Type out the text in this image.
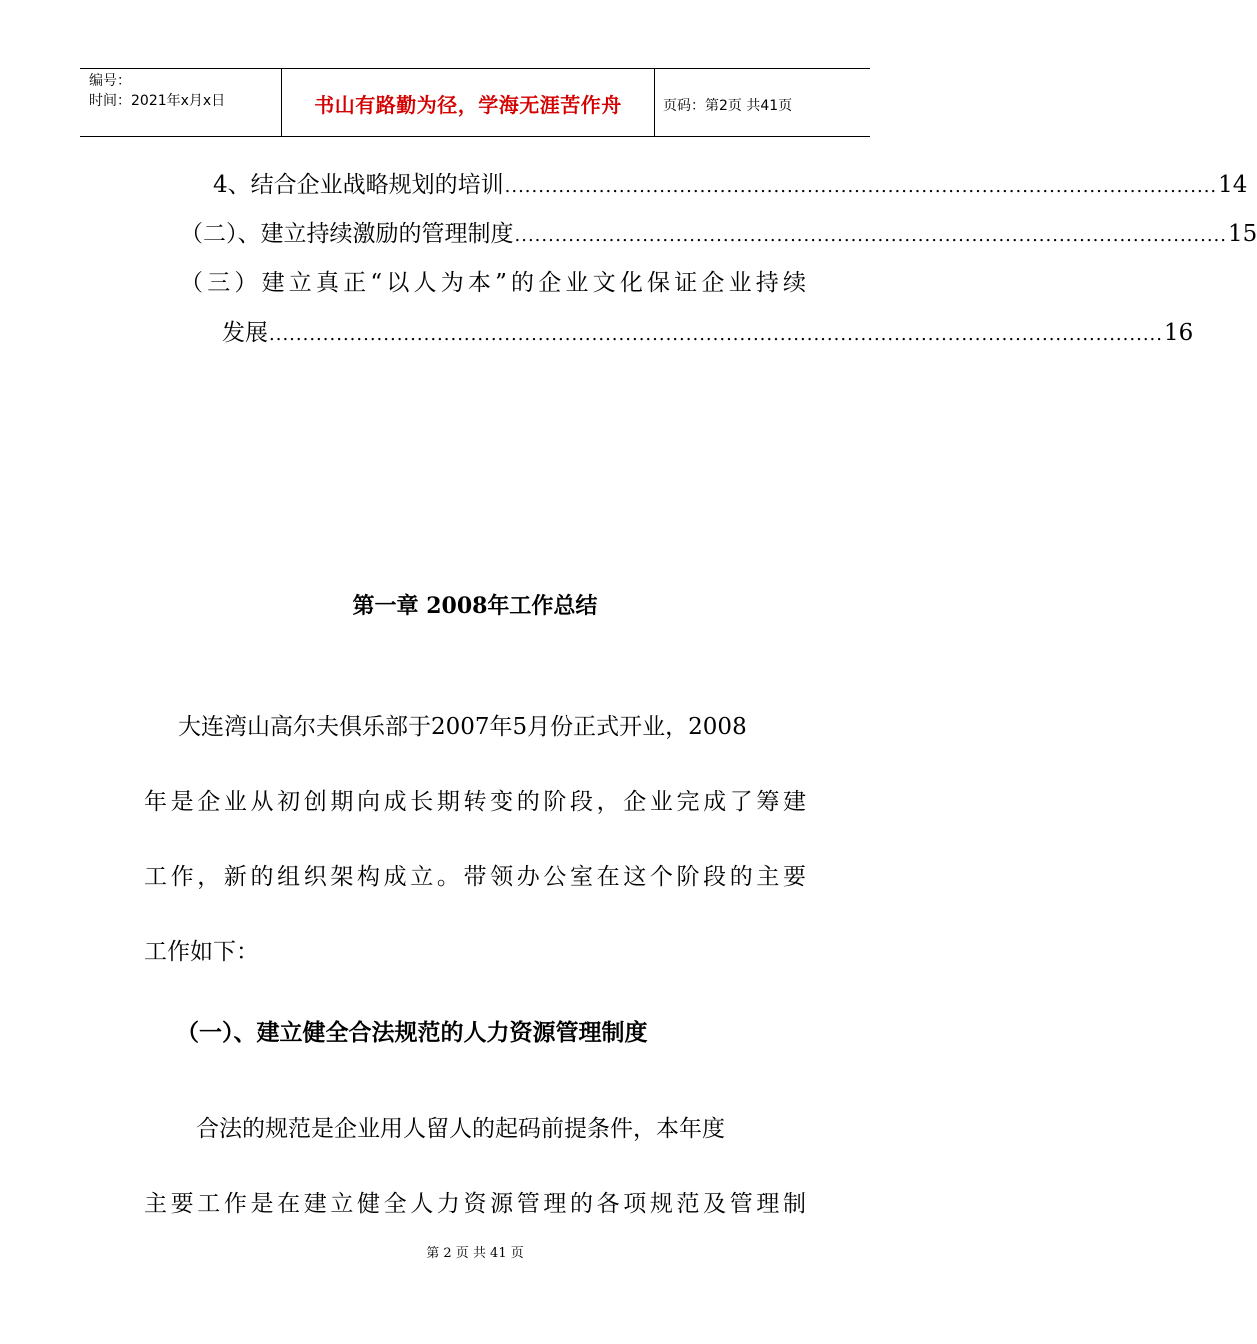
编号：
时间：2021年x月x日	书山有路勤为径，学海无涯苦作舟	页码：第2页 共41页
4、结合企业战略规划的培训 .......................................................................................................... 14
（二）、建立持续激励的管理制度 .......................................................................................................... 15
（三）建立真正“以人为本”的企业文化保证企业持续
发展 ..................................................................................................................................... 16
第一章 2008年工作总结
大连湾山高尔夫俱乐部于2007年5月份正式开业，2008
年是企业从初创期向成长期转变的阶段，企业完成了筹建
工作，新的组织架构成立。带领办公室在这个阶段的主要
工作如下：
（一）、建立健全合法规范的人力资源管理制度
合法的规范是企业用人留人的起码前提条件，本年度
主要工作是在建立健全人力资源管理的各项规范及管理制
第 2 页 共 41 页
